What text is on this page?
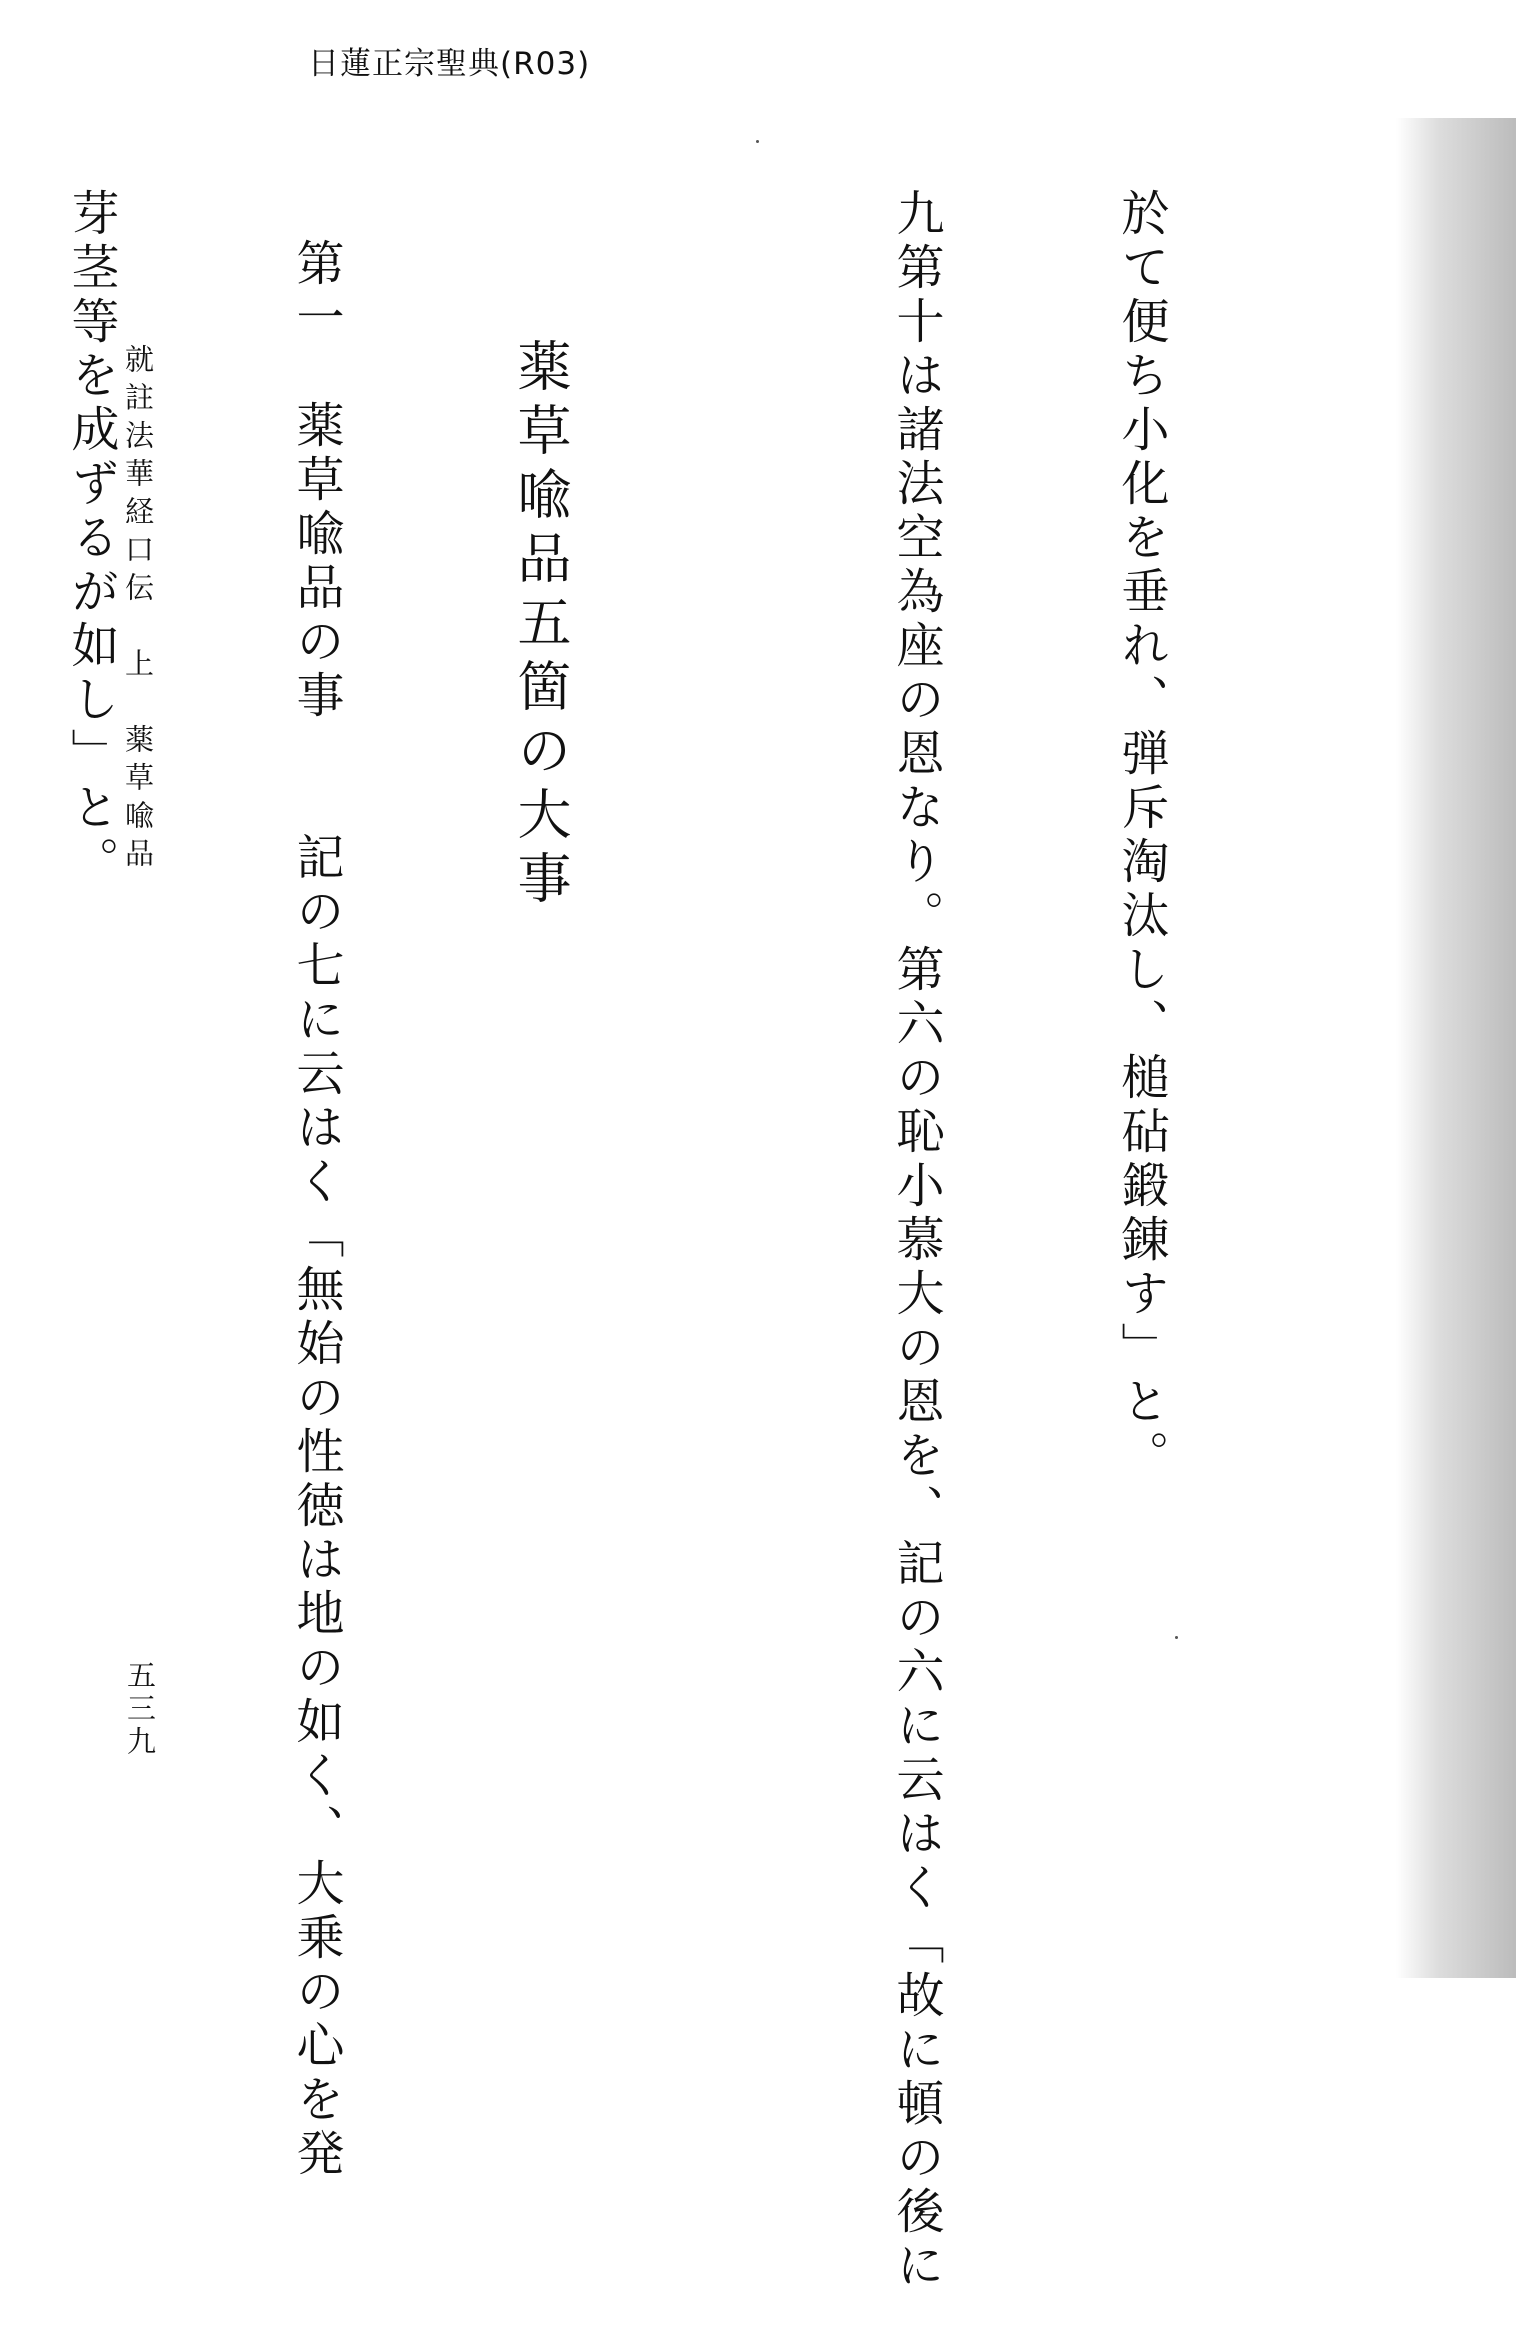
日蓮正宗聖典(R03)

於て便ち小化を垂れ、弾斥淘汰し、槌砧鍛錬す」と。

九第十は諸法空為座の恩なり。第六の恥小慕大の恩を、記の六に云はく「故に頓の後に

薬草喩品五箇の大事

第一　薬草喩品の事　　記の七に云はく「無始の性徳は地の如く、大乗の心を発

芽茎等を成ずるが如し」と。

就註法華経口伝　上　薬草喩品
五三九
